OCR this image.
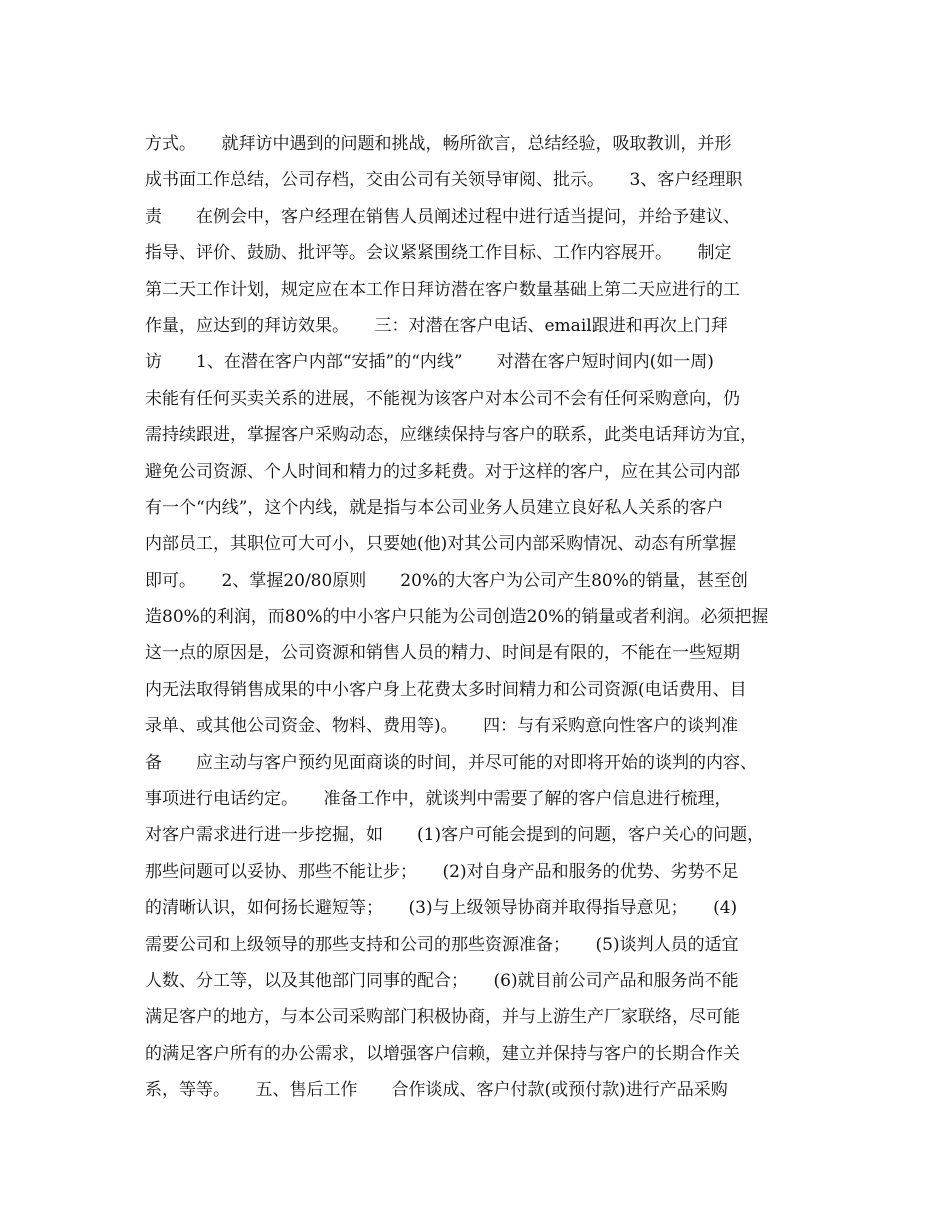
方式。　　就拜访中遇到的问题和挑战，畅所欲言，总结经验，吸取教训，并形
成书面工作总结，公司存档，交由公司有关领导审阅、批示。　　3、客户经理职
责　　在例会中，客户经理在销售人员阐述过程中进行适当提问，并给予建议、
指导、评价、鼓励、批评等。会议紧紧围绕工作目标、工作内容展开。　　制定
第二天工作计划，规定应在本工作日拜访潜在客户数量基础上第二天应进行的工
作量，应达到的拜访效果。　　三：对潜在客户电话、email跟进和再次上门拜
访　　1、在潜在客户内部“安插”的“内线”　　对潜在客户短时间内(如一周)
未能有任何买卖关系的进展，不能视为该客户对本公司不会有任何采购意向，仍
需持续跟进，掌握客户采购动态，应继续保持与客户的联系，此类电话拜访为宜，
避免公司资源、个人时间和精力的过多耗费。对于这样的客户，应在其公司内部
有一个“内线”，这个内线，就是指与本公司业务人员建立良好私人关系的客户
内部员工，其职位可大可小，只要她(他)对其公司内部采购情况、动态有所掌握
即可。　　2、掌握20/80原则　　20%的大客户为公司产生80%的销量，甚至创
造80%的利润，而80%的中小客户只能为公司创造20%的销量或者利润。必须把握
这一点的原因是，公司资源和销售人员的精力、时间是有限的，不能在一些短期
内无法取得销售成果的中小客户身上花费太多时间精力和公司资源(电话费用、目
录单、或其他公司资金、物料、费用等)。　　四：与有采购意向性客户的谈判准
备　　应主动与客户预约见面商谈的时间，并尽可能的对即将开始的谈判的内容、
事项进行电话约定。　　准备工作中，就谈判中需要了解的客户信息进行梳理，
对客户需求进行进一步挖掘，如　　(1)客户可能会提到的问题，客户关心的问题，
那些问题可以妥协、那些不能让步；　　(2)对自身产品和服务的优势、劣势不足
的清晰认识，如何扬长避短等；　　(3)与上级领导协商并取得指导意见；　　(4)
需要公司和上级领导的那些支持和公司的那些资源准备；　　(5)谈判人员的适宜
人数、分工等，以及其他部门同事的配合；　　(6)就目前公司产品和服务尚不能
满足客户的地方，与本公司采购部门积极协商，并与上游生产厂家联络，尽可能
的满足客户所有的办公需求，以增强客户信赖，建立并保持与客户的长期合作关
系，等等。　　五、售后工作　　合作谈成、客户付款(或预付款)进行产品采购
